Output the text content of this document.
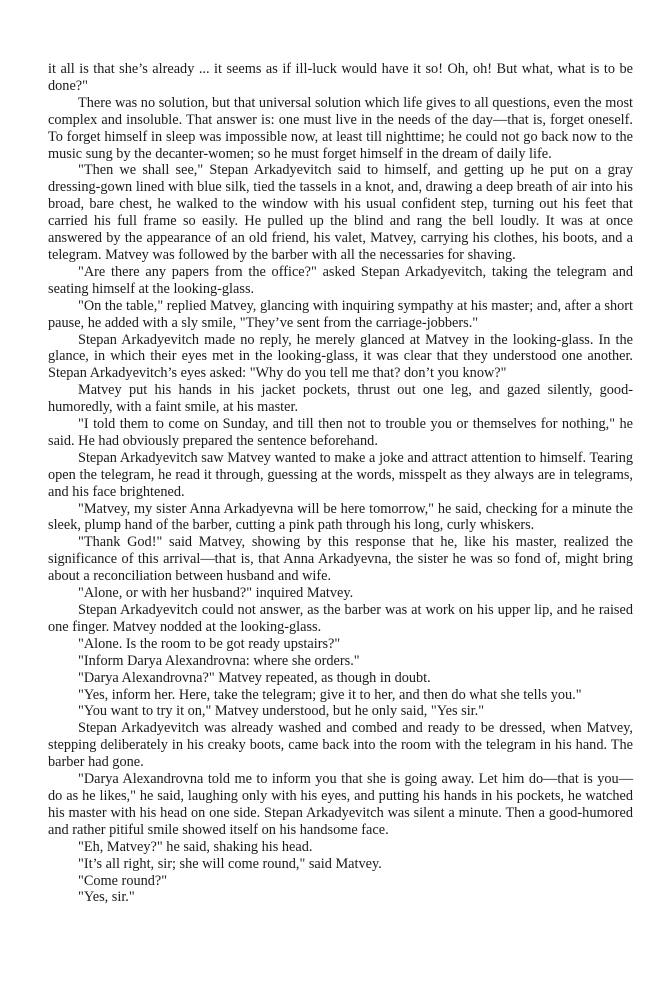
it all is that she’s already ... it seems as if ill-luck would have it so! Oh, oh! But what, what is to be done?"

There was no solution, but that universal solution which life gives to all questions, even the most complex and insoluble. That answer is: one must live in the needs of the day—that is, forget oneself. To forget himself in sleep was impossible now, at least till nighttime; he could not go back now to the music sung by the decanter-women; so he must forget himself in the dream of daily life.

"Then we shall see," Stepan Arkadyevitch said to himself, and getting up he put on a gray dressing-gown lined with blue silk, tied the tassels in a knot, and, drawing a deep breath of air into his broad, bare chest, he walked to the window with his usual confident step, turning out his feet that carried his full frame so easily. He pulled up the blind and rang the bell loudly. It was at once answered by the appearance of an old friend, his valet, Matvey, carrying his clothes, his boots, and a telegram. Matvey was followed by the barber with all the necessaries for shaving.

"Are there any papers from the office?" asked Stepan Arkadyevitch, taking the telegram and seating himself at the looking-glass.

"On the table," replied Matvey, glancing with inquiring sympathy at his master; and, after a short pause, he added with a sly smile, "They’ve sent from the carriage-jobbers."

Stepan Arkadyevitch made no reply, he merely glanced at Matvey in the looking-glass. In the glance, in which their eyes met in the looking-glass, it was clear that they understood one another. Stepan Arkadyevitch’s eyes asked: "Why do you tell me that? don’t you know?"

Matvey put his hands in his jacket pockets, thrust out one leg, and gazed silently, good-humoredly, with a faint smile, at his master.

"I told them to come on Sunday, and till then not to trouble you or themselves for nothing," he said. He had obviously prepared the sentence beforehand.

Stepan Arkadyevitch saw Matvey wanted to make a joke and attract attention to himself. Tearing open the telegram, he read it through, guessing at the words, misspelt as they always are in telegrams, and his face brightened.

"Matvey, my sister Anna Arkadyevna will be here tomorrow," he said, checking for a minute the sleek, plump hand of the barber, cutting a pink path through his long, curly whiskers.

"Thank God!" said Matvey, showing by this response that he, like his master, realized the significance of this arrival—that is, that Anna Arkadyevna, the sister he was so fond of, might bring about a reconciliation between husband and wife.

"Alone, or with her husband?" inquired Matvey.

Stepan Arkadyevitch could not answer, as the barber was at work on his upper lip, and he raised one finger. Matvey nodded at the looking-glass.

"Alone. Is the room to be got ready upstairs?"

"Inform Darya Alexandrovna: where she orders."

"Darya Alexandrovna?" Matvey repeated, as though in doubt.

"Yes, inform her. Here, take the telegram; give it to her, and then do what she tells you."

"You want to try it on," Matvey understood, but he only said, "Yes sir."

Stepan Arkadyevitch was already washed and combed and ready to be dressed, when Matvey, stepping deliberately in his creaky boots, came back into the room with the telegram in his hand. The barber had gone.

"Darya Alexandrovna told me to inform you that she is going away. Let him do—that is you—do as he likes," he said, laughing only with his eyes, and putting his hands in his pockets, he watched his master with his head on one side. Stepan Arkadyevitch was silent a minute. Then a good-humored and rather pitiful smile showed itself on his handsome face.

"Eh, Matvey?" he said, shaking his head.

"It’s all right, sir; she will come round," said Matvey.

"Come round?"

"Yes, sir."
